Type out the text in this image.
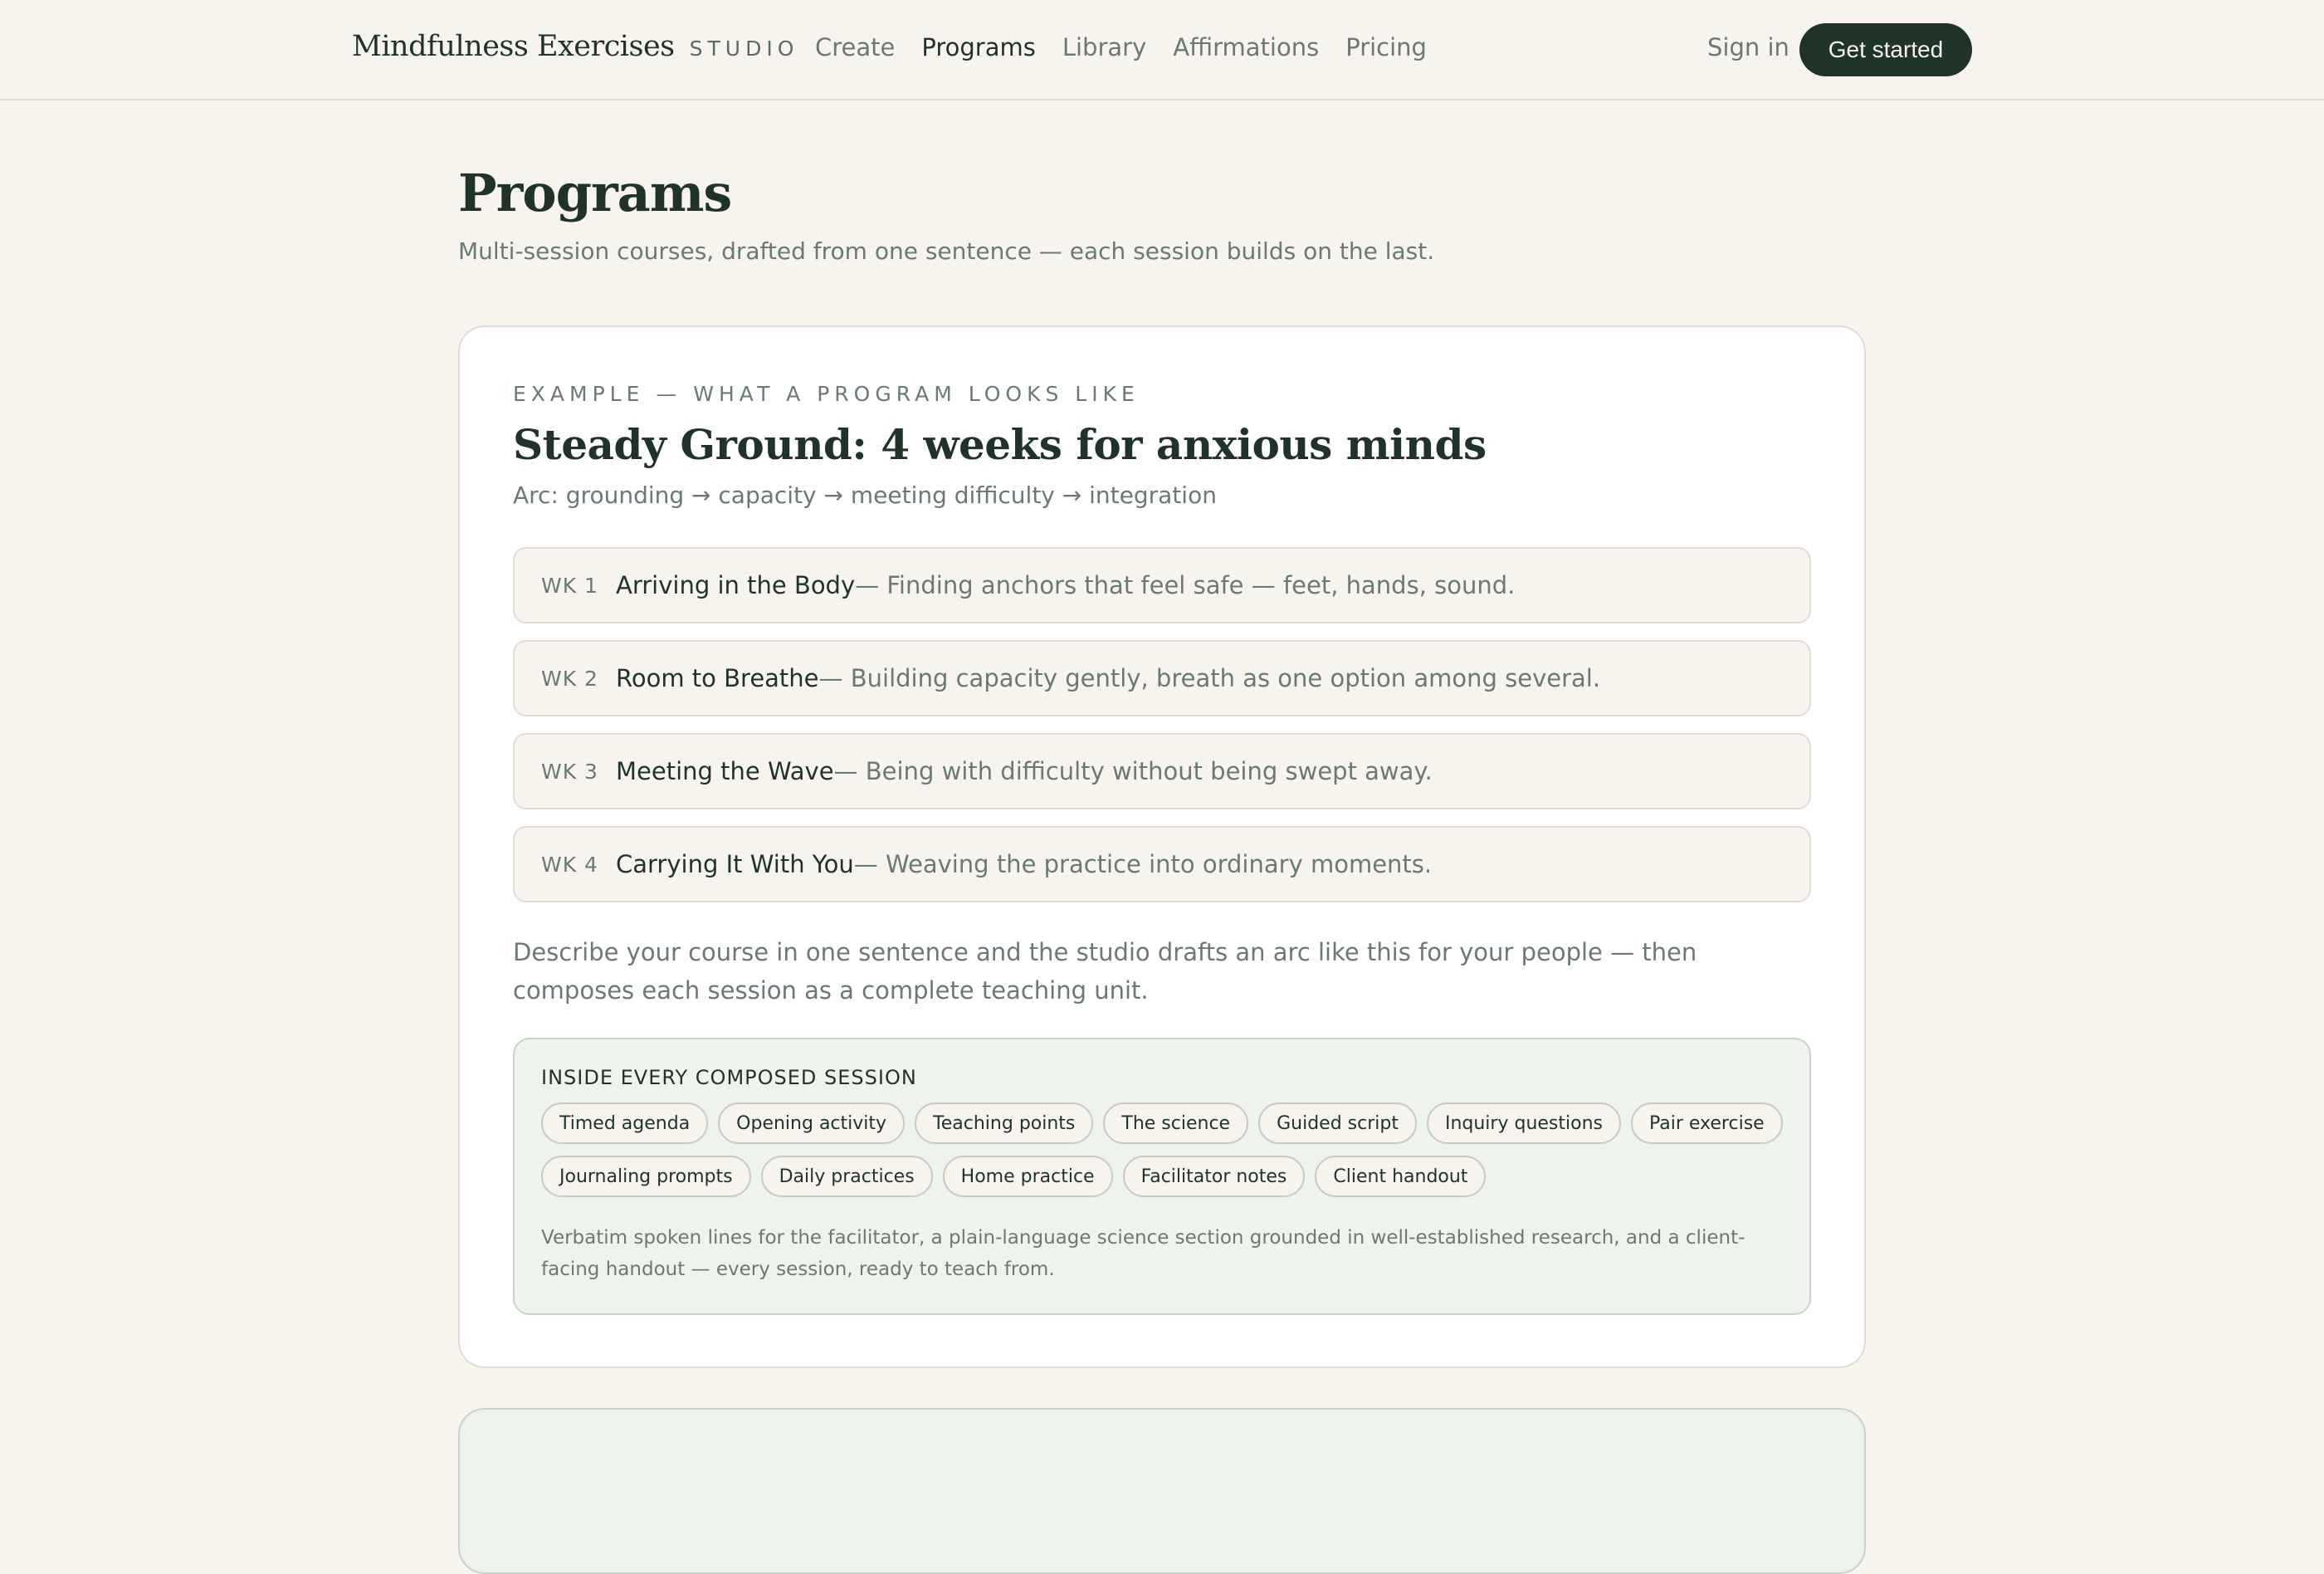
Mindfulness Exercises STUDIO Create Programs Library Affirmations Pricing	Sign in	Get started
Programs

Multi-session courses, drafted from one sentence — each session builds on the last.

EXAMPLE — WHAT A PROGRAM LOOKS LIKE
Steady Ground: 4 weeks for anxious minds

Arc: grounding → capacity → meeting difficulty → integration

WK 1 Arriving in the Body — Finding anchors that feel safe — feet, hands, sound.
WK 2 Room to Breathe — Building capacity gently, breath as one option among several.
WK 3 Meeting the Wave — Being with difficulty without being swept away.
WK 4 Carrying It With You — Weaving the practice into ordinary moments.

Describe your course in one sentence and the studio drafts an arc like this for your people — then composes each session as a complete teaching unit.

INSIDE EVERY COMPOSED SESSION
Timed agenda	Opening activity	Teaching points	The science	Guided script	Inquiry questions	Pair exercise
Journaling prompts	Daily practices	Home practice	Facilitator notes	Client handout

Verbatim spoken lines for the facilitator, a plain-language science section grounded in well-established research, and a client-facing handout — every session, ready to teach from.
